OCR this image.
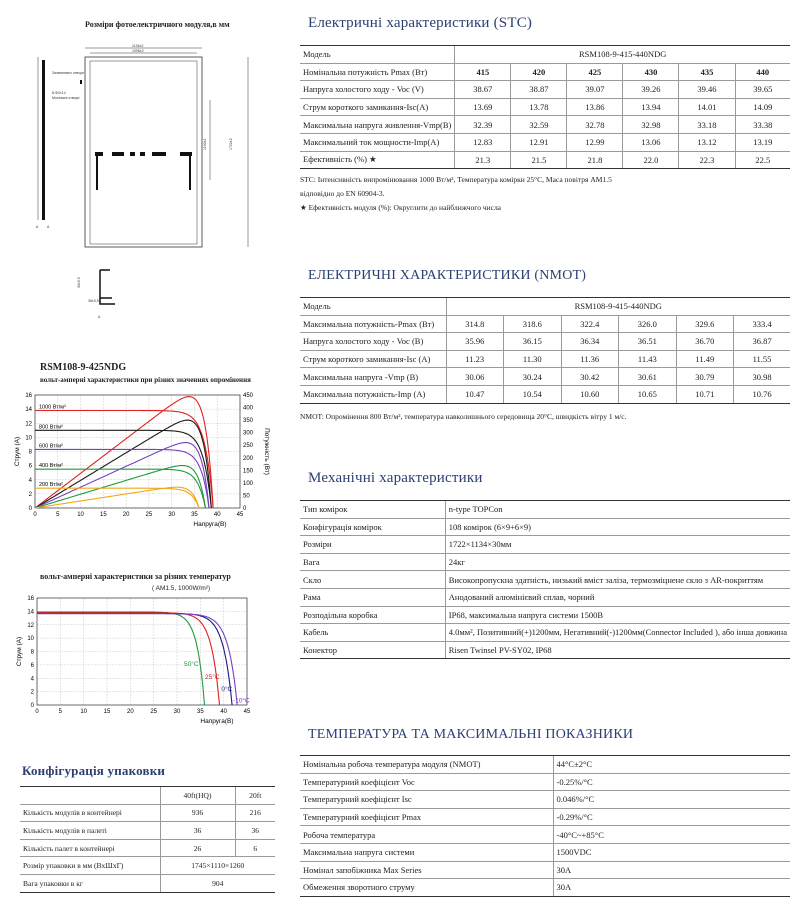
Розміри фотоелектричного модуля,в мм
1134±2
1096±2
Заземлюючі отвори
8-Ф4×14
Монтажні отвори
1100±2	1722±2
A A
30±0.5
36±0.5
A
RSM108-9-425NDG
вольт-амперні характеристики при різних значеннях опромінення
0	5	10	15	20	25	30	35	40	45
0
2
4
6
8
10
12
14
16
0
50
100
150
200
250
300
350
400
450
Потужність (Вт)
Струм (A)
Напруга(В)
1000 Вт/м²
800 Вт/м²
600 Вт/м²
400 Вт/м²
200 Вт/м²
вольт-амперні характеристики за різних температур
( AM1.5, 1000W/m²)
0	5	10	15	20	25	30	35	40	45
0
2
4
6
8
10
12
14
16
Струм (A)
Напруга(В)
50°C
25°C
0°C
-10°C
Конфігурація упаковки
	40ft(HQ)	20ft
Кількість модулів в контейнері	936	216
Кількість модулів в палеті	36	36
Кількість палет в контейнері	26	6
Розмір упаковки в мм (ВxШxГ)	1745×1110×1260	
Вага упаковки в кг	904	
Електричні характеристики (STC)
Модель	RSM108-9-415-440NDG					
Номінальна потужність Pmax (Вт)	415	420	425	430	435	440
Напруга холостого ходу - Voc (V)	38.67	38.87	39.07	39.26	39.46	39.65
Струм короткого замикання-Isc(A)	13.69	13.78	13.86	13.94	14.01	14.09
Максимальна напруга живлення-Vmp(В)	32.39	32.59	32.78	32.98	33.18	33.38
Максимальний ток мощности-Imp(A)	12.83	12.91	12.99	13.06	13.12	13.19
Ефективність (%) ★	21.3	21.5	21.8	22.0	22.3	22.5
STC: Інтенсивність випромінювання 1000 Вт/м², Температура комірки 25°C, Маса повітря AM1.5
відповідно до EN 60904-3.
★ Ефективність модуля (%): Округлити до найближчого числа
ЕЛЕКТРИЧНІ ХАРАКТЕРИСТИКИ (NMOT)
Модель	RSM108-9-415-440NDG					
Максимальна потужність-Pmax (Вт)	314.8	318.6	322.4	326.0	329.6	333.4
Напруга холостого ходу - Voc (В)	35.96	36.15	36.34	36.51	36.70	36.87
Струм короткого замикання-Isc (A)	11.23	11.30	11.36	11.43	11.49	11.55
Максимальна напруга -Vmp (В)	30.06	30.24	30.42	30.61	30.79	30.98
Максимальна потужність-Imp (A)	10.47	10.54	10.60	10.65	10.71	10.76
NMOT: Опромінення 800 Вт/м², температура навколишнього середовища 20°C, швидкість вітру 1 м/с.
Механічні характеристики
Тип комірок	n-type TOPCon
Конфігурація комірок	108 комірок (6×9+6×9)
Розміри	1722×1134×30мм
Вага	24кг
Скло	Високопропускна здатність, низький вміст заліза, термозміцнене скло з AR-покриттям
Рама	Анодований алюмінієвий сплав, чорний
Розподільна коробка	IP68, максимальна напруга системи 1500В
Кабель	4.0мм², Позитивний(+)1200мм, Негативний(-)1200мм(Connector Included ), або інша довжина
Конектор	Risen Twinsel PV-SY02, IP68
ТЕМПЕРАТУРА ТА МАКСИМАЛЬНІ ПОКАЗНИКИ
Номінальна робоча температура модуля (NMOT)	44°C±2°C
Температурний коефіцієнт Voc	-0.25%/°C
Температурний коефіцієнт Isc	0.046%/°C
Температурний коефіцієнт Pmax	-0.29%/°C
Робоча температура	-40°C~+85°C
Максимальна напруга системи	1500VDC
Номінал запобіжника Max Series	30A
Обмеження зворотного струму	30A
